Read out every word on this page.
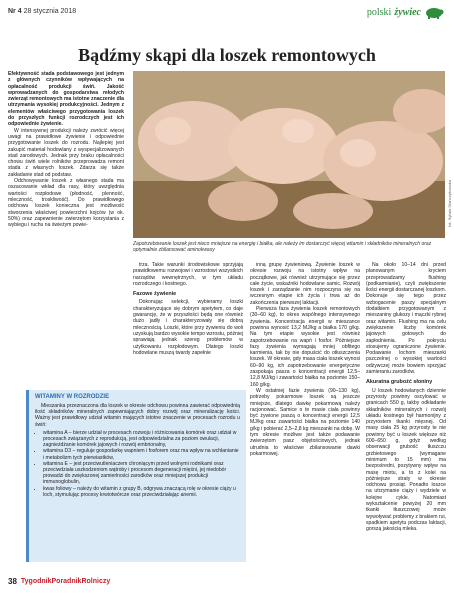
Nr 4 28 stycznia 2018	polski żywiec
Bądźmy skąpi dla loszek remontowych

Efektywność stada podstawowego jest jednym z głównych czynników wpływających na opłacalność produkcji świń. Jakość wprowadzanych do gospodarstwa młodych zwierząt remontowych ma istotne znaczenie dla utrzymania wysokiej produkcyjności. Jednym z elementów właściwego przygotowania loszek do przyszłych funkcji rozrodczych jest ich odpowiednie żywienie.

W intensywnej produkcji należy zwrócić więcej uwagi na prawidłowe żywienie i odpowiednie przygotowanie loszek do rozrodu. Najlepiej jest zakupić materiał hodowlany z wyspecjalizowanych stad zarodowych. Jednak przy braku opłacalności chowu świń wiele rolników przeprowadza remont stada z własnych loszek. Zdarza się także zakładanie stad od podstaw.

Odchowywanie loszek z własnego stada ma oszacowanie wkład dla rasy, który uwzględnia wartości rozpłodowe (płodność, plenność, mleczność, troskliwość). Do prawidłowego odchowu loszek konieczna jest możliwość stworzenia właściwej powierzchni kojców (w ok. 50%) oraz zapewnienie zwierzętom korzystania z wybiegu i ruchu na świeżym powie-	fot. Sylwia Stańczykowska
Zapotrzebowanie loszek jest nieco mniejsze na energię i białka, ale należy im dostarczyć więcej witamin i składników mineralnych oraz optymalnie zbilansować aminokwasy

trza. Takie warunki środowiskowe sprzyjają prawidłowemu rozwojowi i wzrostowi wszystkich narządów wewnętrznych, w tym układu rozrodczego i kostnego.

Fazowe żywienie

Dokonując selekcji, wybieramy loszki charakteryzujące się dobrym apetytem, co daje gwarancję, że w przyszłości będą one również dużo jadły i charakteryzowały się dobrą mlecznością. Loszki, które przy żywieniu do woli uzyskują bardzo wysokie tempo wzrostu, później sprawiają jednak szereg problemów w użytkowaniu rozpłodowym. Dlatego loszki hodowlane muszą twardy zapełnie

inną grupę żywieniową. Żywienie loszek w okresie rozwoju na istotny wpływ na początkowe, jak również utrzymujące się przez całe życie, wskaźniki hodowlane samic. Rozwój loszek i zarządzanie nim rozpoczyna się na wczesnym etapie ich życia i trwa aż do zakończenia pierwszej laktacji.

Pierwsza faza żywienia loszek remontowych (30–60 kg), to okres wspólnego intensywnego żywienia. Koncentracja energii w mieszance powinna wynosić 13,2 MJ/kg a białka 170 g/kg. Na tym etapie wysokie jest również zapotrzebowanie na wapń i fosfor. Późniejsze fazy żywienia wymagają mniej obfitego karmienia, tak by nie dopuścić do otłuszczenia loszek. W okresie, gdy masa ciała loszek wynosi 60–90 kg, ich zapotrzebowanie energetyczne zaspokaja pasza o koncentracji energii 12,5–12,8 MJ/kg i zawartości białka na poziomie 150–160 g/kg.

W ostatniej fazie żywienia (90–130 kg), potrzeby pokarmowe loszek są jeszcze mniejsze, dlatego dawkę pokarmową należy racjonować. Samice o te masie ciała powinny być żywione paszą o koncentracji energii 12,5 MJ/kg oraz zawartości białka na poziomie 140 g/kg i pobierać 2,5–2,8 kg mieszanki na dobę. W tym okresie możliwe jest także podawanie zwierzętom pasz objętościowych, jednak utrudnia to właściwe zbilansowanie dawki pokarmowej.

Na około 10–14 dni przed planowanym kryciem przeprowadzamy flushing (podkarmianie), czyli zwiększenie ilości energii dostarczanej loszkom. Dokonuje się tego przez wzbogacenie paszy specjalnym dodatkiem przygotowanym z mieszaniny glukozy i mączki rybnej oraz witamin. Flushing ma na celu zwiększenie liczby komórek jajowych gotowych do zapłodnienia. Po pokryciu stosujemy ograniczone żywienie. Podawanie lochom mieszanki pszczelnej o wysokiej wartości odżywczej może bowiem sprzyjać zamieraniu zarodków.

Akuratna gruboźć słoniny

U loszek hodowlanych dziennie przyrosty powinny oscylować w granicach 550 g, takby odkładanie składników mineralnych i rozwój układu kostnego był harmonijny z przyrostem tkanki mięsnej. Od masy ciała 25 kg przyrosty te nie powinny być u loszek większe niż 600–650 g, gdyż według obserwacji grubość tłuszczu grzbietowego (wymagane minimum to 15 mm) ma bezpośredni, pozytywny wpływ na masę miotu, a to z kolei na późniejsze straty w okresie odchowu prosiąt. Ponadto loszce na utrzymanie ciąży i wydziele w kolejne cykle. Natomiast wykształcenie powyżej 20 mm tkanki tłuszczowej może wywoływać problemy z brakiem rui, spadkiem apetytu podczas laktacji, gorszą jakością mleka.

WITAMINY W ROZRODZIE

Mieszanka przeznaczona dla loszek w okresie odchowu powinna zawierać odpowiednią ilość składników mineralnych zapewniających dobry rozwój oraz mineralizację kości. Ważny jest prawidłowy udział witamin mających istotne znaczenie w procesach rozrodu u świń:

• witamina A – bierze udział w procesach rozwoju i różnicowania komórek oraz udział w procesach związanych z reprodukcją, jest odpowiedzialna za poziom owulacji, zagnieżdżanie komórek jajowych i rozwój embrionalny,
• witamina D3 – reguluje gospodarkę wapniem i fosforem oraz ma wpływ na wchłanianie i metabolizm tych pierwiastków,
• witamina E – jest przeciwutleniaczem chroniącym przed wolnymi rodnikami oraz przeciwdziała uszkodzeniom wątroby i procesom degeneracji mięśni, jej niedobór prowadzi do zwiększonej zamierlności zarodków oraz mniejszej produkcji immunoglobulin,
• kwas foliowy – należy do witamin z grupy B, odgrywa znaczącą rolę w okresie ciąży u loch, stymulując procesy krwiotwórcze oraz przeciwdziałając anemii.
38 TygodnikPoradnikRolniczy
